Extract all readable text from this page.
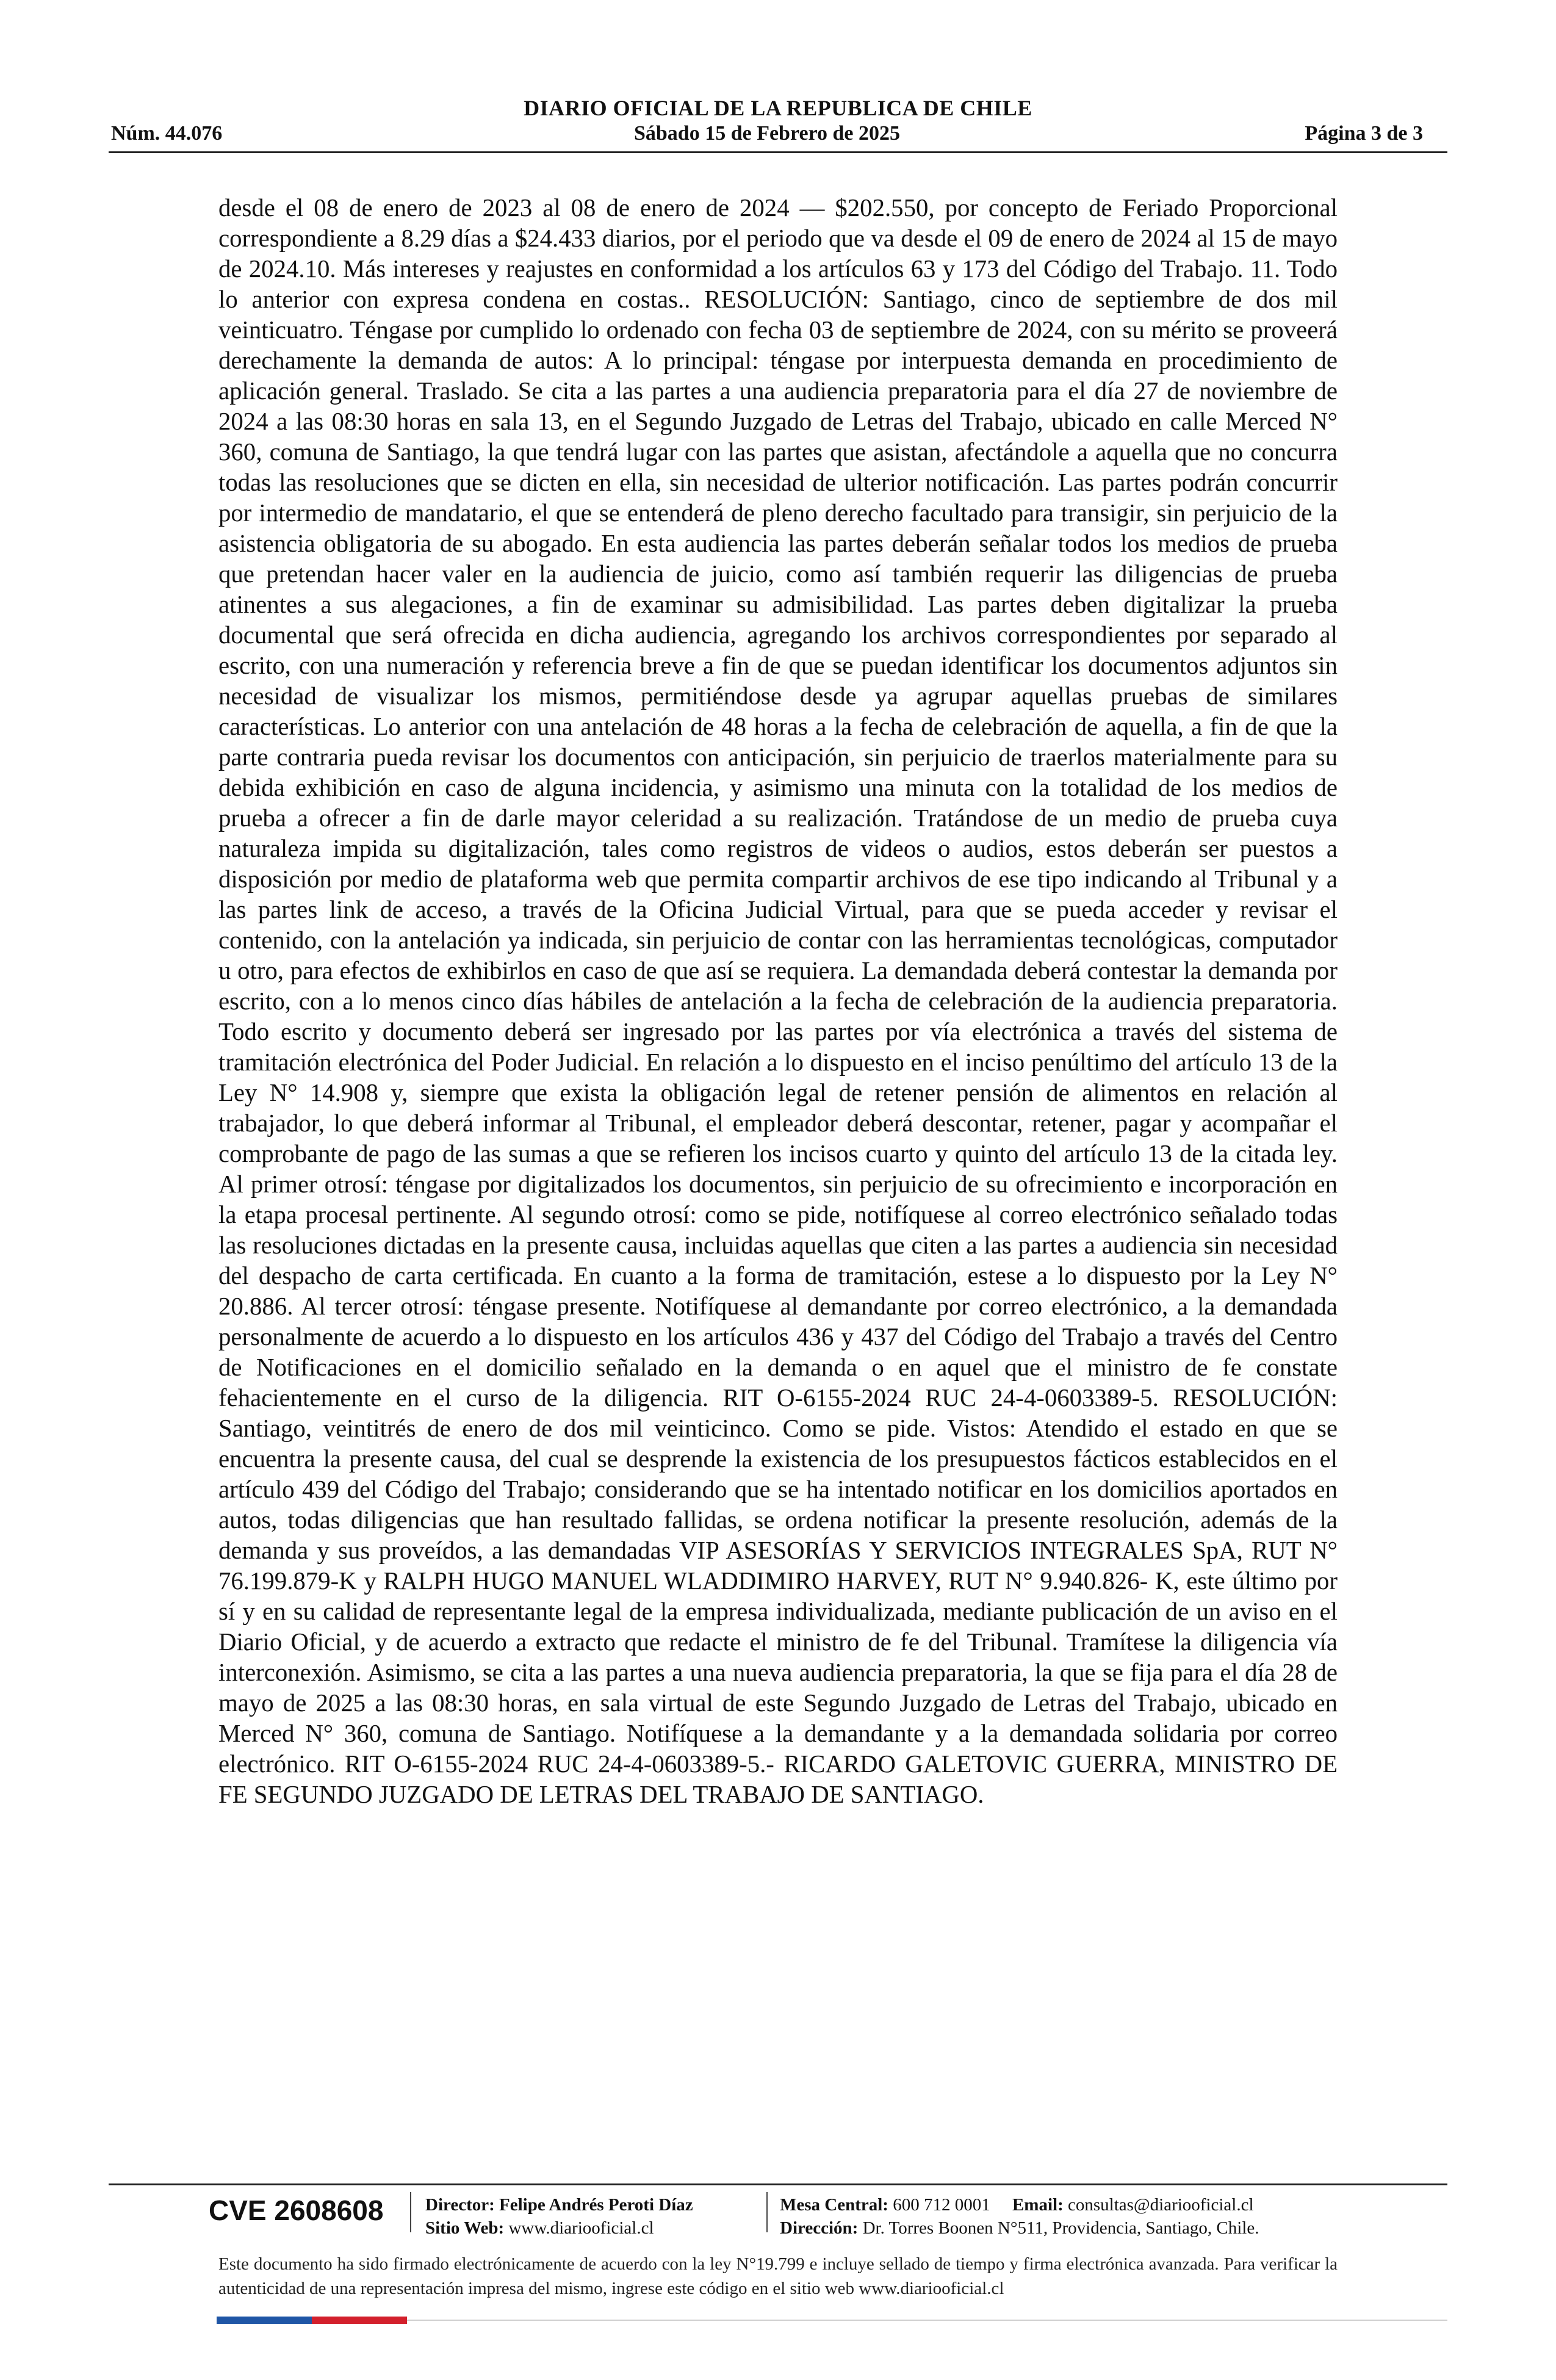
DIARIO OFICIAL DE LA REPUBLICA DE CHILE
Núm. 44.076	Sábado 15 de Febrero de 2025	Página 3 de 3
desde el 08 de enero de 2023 al 08 de enero de 2024 — $202.550, por concepto de Feriado Proporcional correspondiente a 8.29 días a $24.433 diarios, por el periodo que va desde el 09 de enero de 2024 al 15 de mayo de 2024.10. Más intereses y reajustes en conformidad a los artículos 63 y 173 del Código del Trabajo. 11. Todo lo anterior con expresa condena en costas.. RESOLUCIÓN: Santiago, cinco de septiembre de dos mil veinticuatro. Téngase por cumplido lo ordenado con fecha 03 de septiembre de 2024, con su mérito se proveerá derechamente la demanda de autos: A lo principal: téngase por interpuesta demanda en procedimiento de aplicación general. Traslado. Se cita a las partes a una audiencia preparatoria para el día 27 de noviembre de 2024 a las 08:30 horas en sala 13, en el Segundo Juzgado de Letras del Trabajo, ubicado en calle Merced N° 360, comuna de Santiago, la que tendrá lugar con las partes que asistan, afectándole a aquella que no concurra todas las resoluciones que se dicten en ella, sin necesidad de ulterior notificación. Las partes podrán concurrir por intermedio de mandatario, el que se entenderá de pleno derecho facultado para transigir, sin perjuicio de la asistencia obligatoria de su abogado. En esta audiencia las partes deberán señalar todos los medios de prueba que pretendan hacer valer en la audiencia de juicio, como así también requerir las diligencias de prueba atinentes a sus alegaciones, a fin de examinar su admisibilidad. Las partes deben digitalizar la prueba documental que será ofrecida en dicha audiencia, agregando los archivos correspondientes por separado al escrito, con una numeración y referencia breve a fin de que se puedan identificar los documentos adjuntos sin necesidad de visualizar los mismos, permitiéndose desde ya agrupar aquellas pruebas de similares características. Lo anterior con una antelación de 48 horas a la fecha de celebración de aquella, a fin de que la parte contraria pueda revisar los documentos con anticipación, sin perjuicio de traerlos materialmente para su debida exhibición en caso de alguna incidencia, y asimismo una minuta con la totalidad de los medios de prueba a ofrecer a fin de darle mayor celeridad a su realización. Tratándose de un medio de prueba cuya naturaleza impida su digitalización, tales como registros de videos o audios, estos deberán ser puestos a disposición por medio de plataforma web que permita compartir archivos de ese tipo indicando al Tribunal y a las partes link de acceso, a través de la Oficina Judicial Virtual, para que se pueda acceder y revisar el contenido, con la antelación ya indicada, sin perjuicio de contar con las herramientas tecnológicas, computador u otro, para efectos de exhibirlos en caso de que así se requiera. La demandada deberá contestar la demanda por escrito, con a lo menos cinco días hábiles de antelación a la fecha de celebración de la audiencia preparatoria. Todo escrito y documento deberá ser ingresado por las partes por vía electrónica a través del sistema de tramitación electrónica del Poder Judicial. En relación a lo dispuesto en el inciso penúltimo del artículo 13 de la Ley N° 14.908 y, siempre que exista la obligación legal de retener pensión de alimentos en relación al trabajador, lo que deberá informar al Tribunal, el empleador deberá descontar, retener, pagar y acompañar el comprobante de pago de las sumas a que se refieren los incisos cuarto y quinto del artículo 13 de la citada ley. Al primer otrosí: téngase por digitalizados los documentos, sin perjuicio de su ofrecimiento e incorporación en la etapa procesal pertinente. Al segundo otrosí: como se pide, notifíquese al correo electrónico señalado todas las resoluciones dictadas en la presente causa, incluidas aquellas que citen a las partes a audiencia sin necesidad del despacho de carta certificada. En cuanto a la forma de tramitación, estese a lo dispuesto por la Ley N° 20.886. Al tercer otrosí: téngase presente. Notifíquese al demandante por correo electrónico, a la demandada personalmente de acuerdo a lo dispuesto en los artículos 436 y 437 del Código del Trabajo a través del Centro de Notificaciones en el domicilio señalado en la demanda o en aquel que el ministro de fe constate fehacientemente en el curso de la diligencia. RIT O-6155-2024 RUC 24-4-0603389-5. RESOLUCIÓN: Santiago, veintitrés de enero de dos mil veinticinco. Como se pide. Vistos: Atendido el estado en que se encuentra la presente causa, del cual se desprende la existencia de los presupuestos fácticos establecidos en el artículo 439 del Código del Trabajo; considerando que se ha intentado notificar en los domicilios aportados en autos, todas diligencias que han resultado fallidas, se ordena notificar la presente resolución, además de la demanda y sus proveídos, a las demandadas VIP ASESORÍAS Y SERVICIOS INTEGRALES SpA, RUT N° 76.199.879-K y RALPH HUGO MANUEL WLADDIMIRO HARVEY, RUT N° 9.940.826- K, este último por sí y en su calidad de representante legal de la empresa individualizada, mediante publicación de un aviso en el Diario Oficial, y de acuerdo a extracto que redacte el ministro de fe del Tribunal. Tramítese la diligencia vía interconexión. Asimismo, se cita a las partes a una nueva audiencia preparatoria, la que se fija para el día 28 de mayo de 2025 a las 08:30 horas, en sala virtual de este Segundo Juzgado de Letras del Trabajo, ubicado en Merced N° 360, comuna de Santiago. Notifíquese a la demandante y a la demandada solidaria por correo electrónico. RIT O-6155-2024 RUC 24-4-0603389-5.- RICARDO GALETOVIC GUERRA, MINISTRO DE FE SEGUNDO JUZGADO DE LETRAS DEL TRABAJO DE SANTIAGO.
CVE 2608608 Director: Felipe Andrés Peroti Díaz
Sitio Web: www.diariooficial.cl
Mesa Central: 600 712 0001 Email: consultas@diariooficial.cl
Dirección: Dr. Torres Boonen N°511, Providencia, Santiago, Chile.
Este documento ha sido firmado electrónicamente de acuerdo con la ley N°19.799 e incluye sellado de tiempo y firma electrónica avanzada. Para verificar la autenticidad de una representación impresa del mismo, ingrese este código en el sitio web www.diariooficial.cl
